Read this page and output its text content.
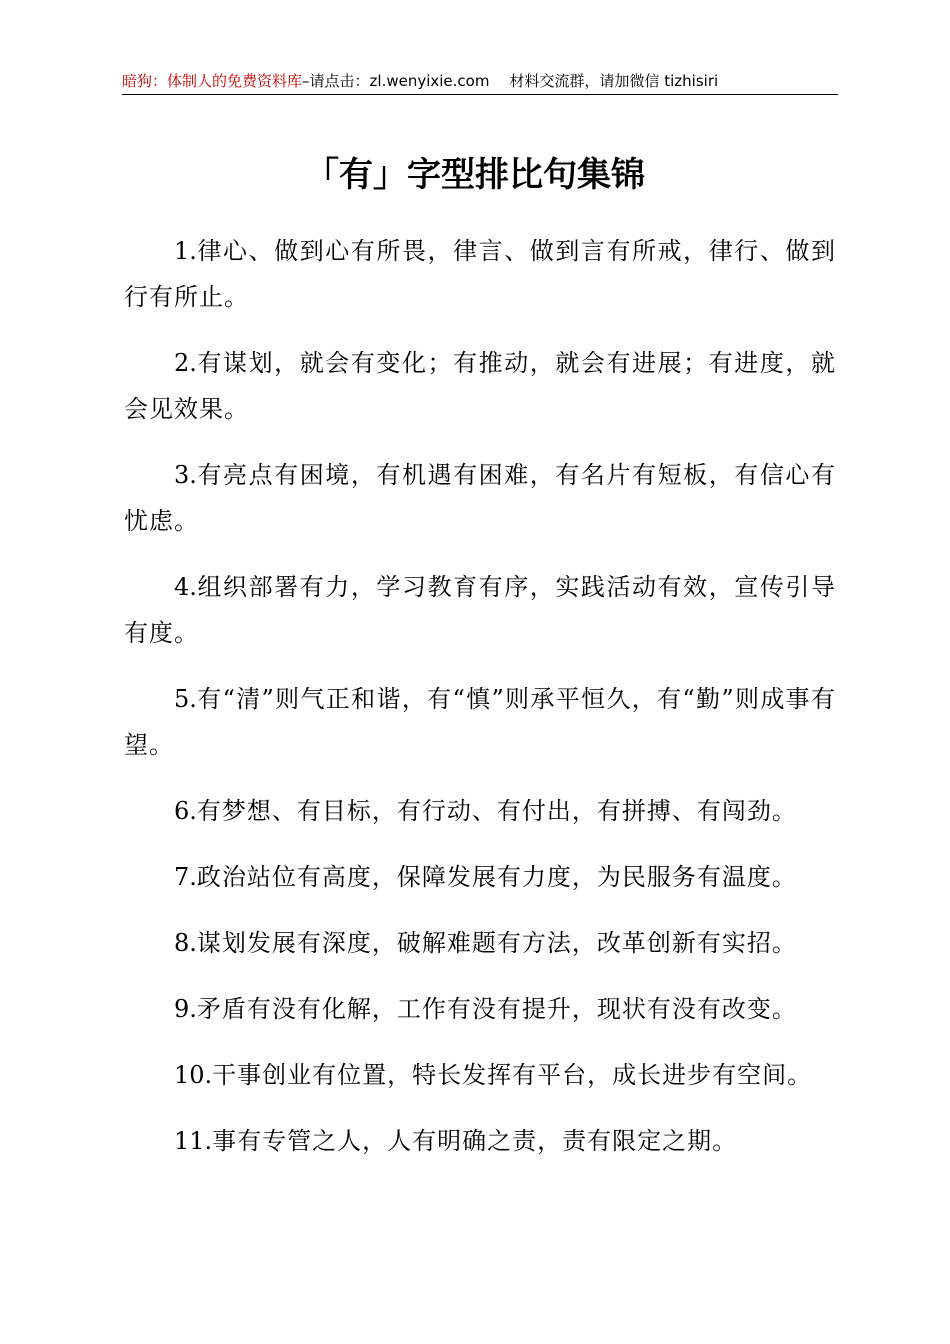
暗狗：体制人的免费资料库–请点击：zl.wenyixie.com 材料交流群，请加微信 tizhisiri
「有」字型排比句集锦

1.律心、做到心有所畏，律言、做到言有所戒，律行、做到行有所止。

2.有谋划，就会有变化；有推动，就会有进展；有进度，就会见效果。

3.有亮点有困境，有机遇有困难，有名片有短板，有信心有忧虑。

4.组织部署有力，学习教育有序，实践活动有效，宣传引导有度。

5.有“清”则气正和谐，有“慎”则承平恒久，有“勤”则成事有望。

6.有梦想、有目标，有行动、有付出，有拼搏、有闯劲。

7.政治站位有高度，保障发展有力度，为民服务有温度。

8.谋划发展有深度，破解难题有方法，改革创新有实招。

9.矛盾有没有化解，工作有没有提升，现状有没有改变。

10.干事创业有位置，特长发挥有平台，成长进步有空间。

11.事有专管之人，人有明确之责，责有限定之期。
